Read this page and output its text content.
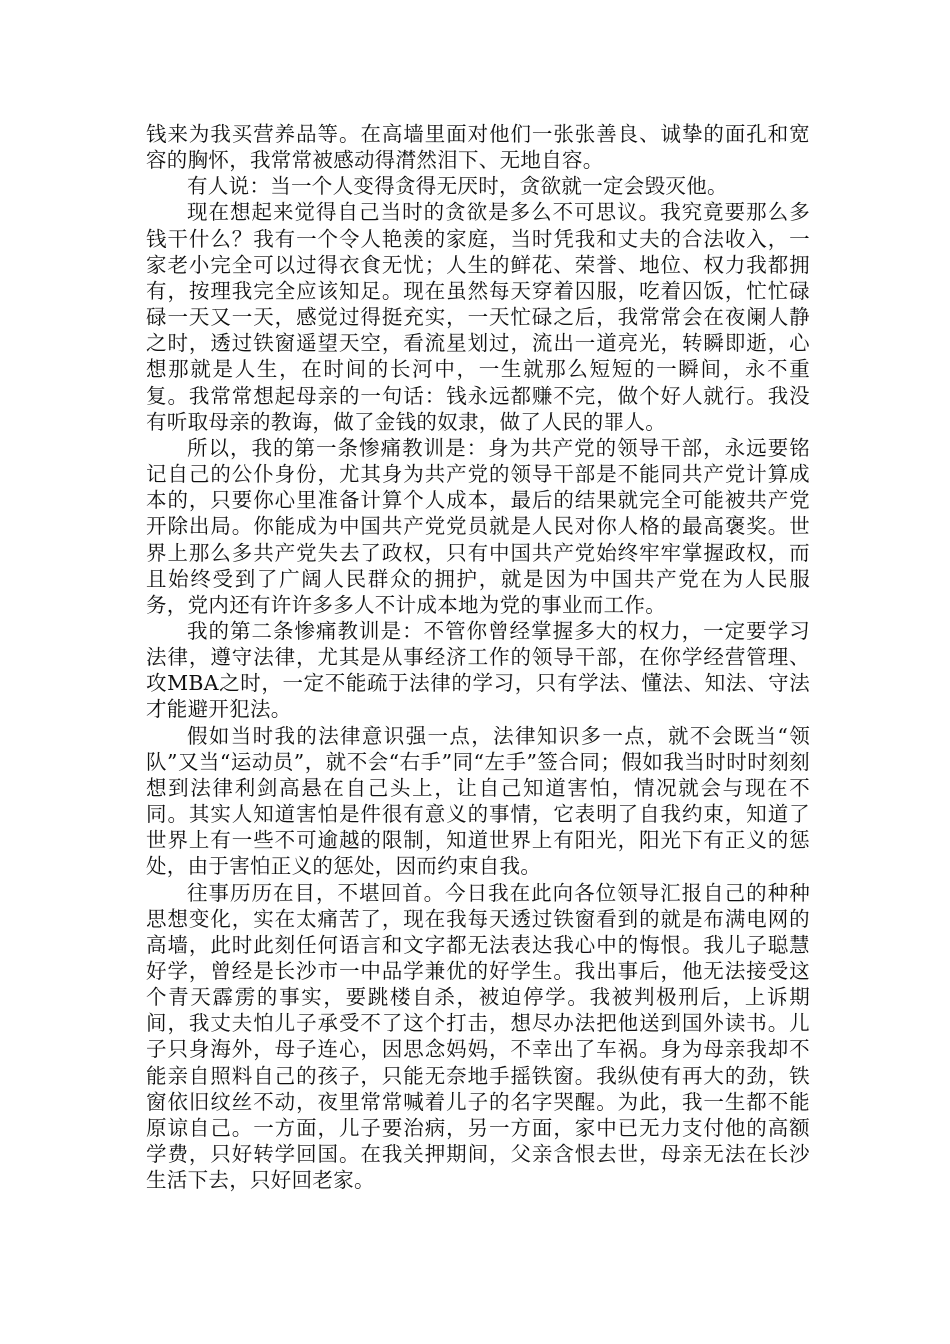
钱来为我买营养品等。在高墙里面对他们一张张善良、诚挚的面孔和宽容的胸怀，我常常被感动得潸然泪下、无地自容。

有人说：当一个人变得贪得无厌时，贪欲就一定会毁灭他。

现在想起来觉得自己当时的贪欲是多么不可思议。我究竟要那么多钱干什么？我有一个令人艳羡的家庭，当时凭我和丈夫的合法收入，一家老小完全可以过得衣食无忧；人生的鲜花、荣誉、地位、权力我都拥有，按理我完全应该知足。现在虽然每天穿着囚服，吃着囚饭，忙忙碌碌一天又一天，感觉过得挺充实，一天忙碌之后，我常常会在夜阑人静之时，透过铁窗遥望天空，看流星划过，流出一道亮光，转瞬即逝，心想那就是人生，在时间的长河中，一生就那么短短的一瞬间，永不重复。我常常想起母亲的一句话：钱永远都赚不完，做个好人就行。我没有听取母亲的教诲，做了金钱的奴隶，做了人民的罪人。

所以，我的第一条惨痛教训是：身为共产党的领导干部，永远要铭记自己的公仆身份，尤其身为共产党的领导干部是不能同共产党计算成本的，只要你心里准备计算个人成本，最后的结果就完全可能被共产党开除出局。你能成为中国共产党党员就是人民对你人格的最高褒奖。世界上那么多共产党失去了政权，只有中国共产党始终牢牢掌握政权，而且始终受到了广阔人民群众的拥护，就是因为中国共产党在为人民服务，党内还有许许多多人不计成本地为党的事业而工作。

我的第二条惨痛教训是：不管你曾经掌握多大的权力，一定要学习法律，遵守法律，尤其是从事经济工作的领导干部，在你学经营管理、攻MBA之时，一定不能疏于法律的学习，只有学法、懂法、知法、守法才能避开犯法。

假如当时我的法律意识强一点，法律知识多一点，就不会既当“领队”又当“运动员”，就不会“右手”同“左手”签合同；假如我当时时时刻刻想到法律利剑高悬在自己头上，让自己知道害怕，情况就会与现在不同。其实人知道害怕是件很有意义的事情，它表明了自我约束，知道了世界上有一些不可逾越的限制，知道世界上有阳光，阳光下有正义的惩处，由于害怕正义的惩处，因而约束自我。

往事历历在目，不堪回首。今日我在此向各位领导汇报自己的种种思想变化，实在太痛苦了，现在我每天透过铁窗看到的就是布满电网的高墙，此时此刻任何语言和文字都无法表达我心中的悔恨。我儿子聪慧好学，曾经是长沙市一中品学兼优的好学生。我出事后，他无法接受这个青天霹雳的事实，要跳楼自杀，被迫停学。我被判极刑后，上诉期间，我丈夫怕儿子承受不了这个打击，想尽办法把他送到国外读书。儿子只身海外，母子连心，因思念妈妈，不幸出了车祸。身为母亲我却不能亲自照料自己的孩子，只能无奈地手摇铁窗。我纵使有再大的劲，铁窗依旧纹丝不动，夜里常常喊着儿子的名字哭醒。为此，我一生都不能原谅自己。一方面，儿子要治病，另一方面，家中已无力支付他的高额学费，只好转学回国。在我关押期间，父亲含恨去世，母亲无法在长沙生活下去，只好回老家。
